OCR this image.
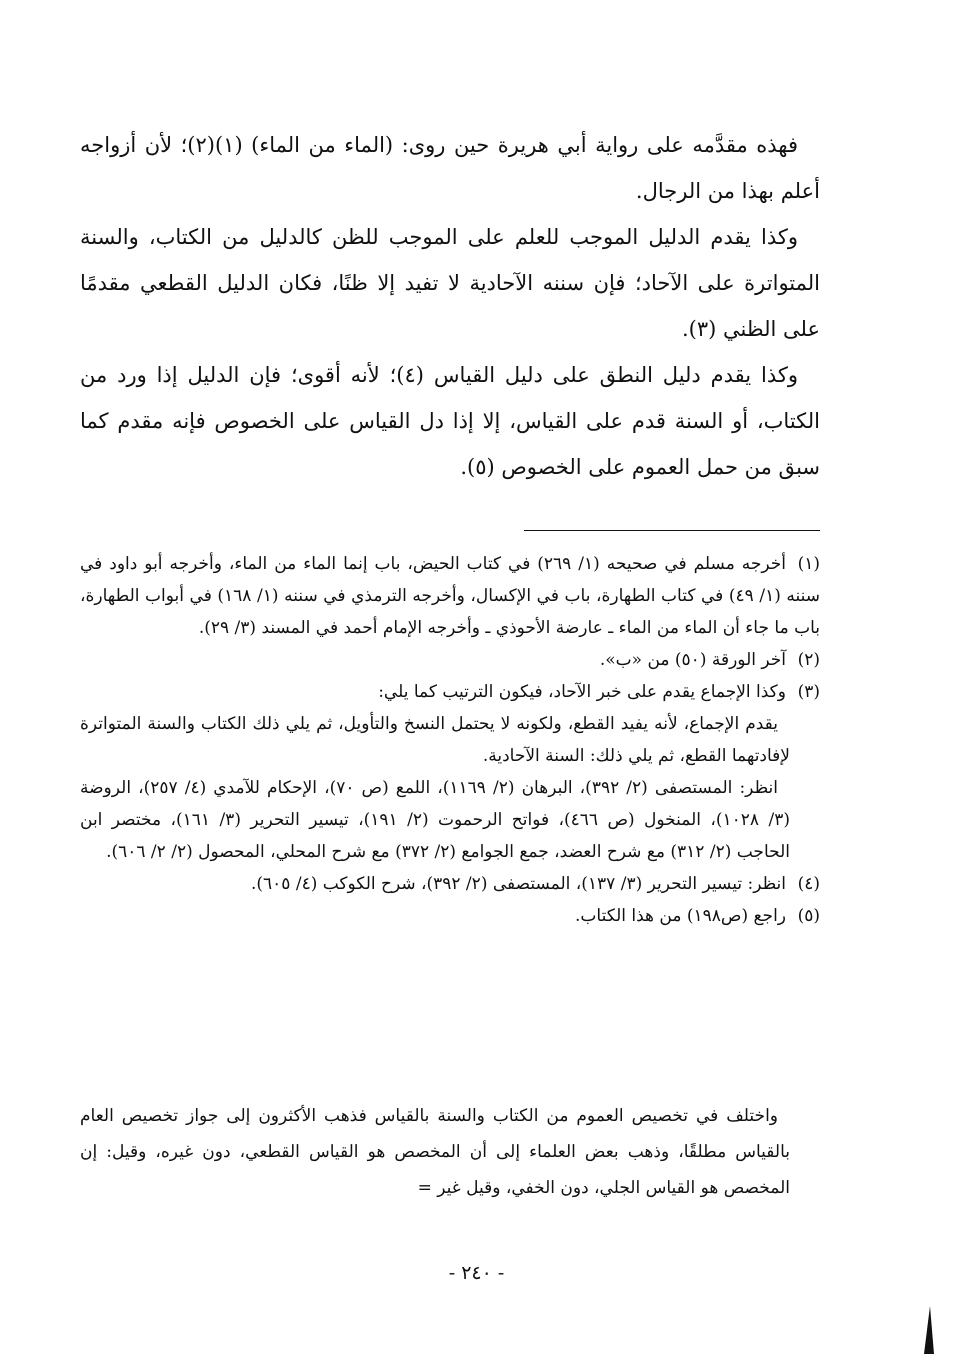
فهذه مقدَّمه على رواية أبي هريرة حين روى: (الماء من الماء) (١)(٢)؛ لأن أزواجه أعلم بهذا من الرجال.

وكذا يقدم الدليل الموجب للعلم على الموجب للظن كالدليل من الكتاب، والسنة المتواترة على الآحاد؛ فإن سننه الآحادية لا تفيد إلا ظنًا، فكان الدليل القطعي مقدمًا على الظني (٣).

وكذا يقدم دليل النطق على دليل القياس (٤)؛ لأنه أقوى؛ فإن الدليل إذا ورد من الكتاب، أو السنة قدم على القياس، إلا إذا دل القياس على الخصوص فإنه مقدم كما سبق من حمل العموم على الخصوص (٥).

(١)أخرجه مسلم في صحيحه (١/ ٢٦٩) في كتاب الحيض، باب إنما الماء من الماء، وأخرجه أبو داود في سننه (١/ ٤٩) في كتاب الطهارة، باب في الإكسال، وأخرجه الترمذي في سننه (١/ ١٦٨) في أبواب الطهارة، باب ما جاء أن الماء من الماء ـ عارضة الأحوذي ـ وأخرجه الإمام أحمد في المسند (٣/ ٢٩).

(٢)آخر الورقة (٥٠) من «ب».

(٣)وكذا الإجماع يقدم على خبر الآحاد، فيكون الترتيب كما يلي:

يقدم الإجماع، لأنه يفيد القطع، ولكونه لا يحتمل النسخ والتأويل، ثم يلي ذلك الكتاب والسنة المتواترة لإفادتهما القطع، ثم يلي ذلك: السنة الآحادية.

انظر: المستصفى (٢/ ٣٩٢)، البرهان (٢/ ١١٦٩)، اللمع (ص ٧٠)، الإحكام للآمدي (٤/ ٢٥٧)، الروضة (٣/ ١٠٢٨)، المنخول (ص ٤٦٦)، فواتح الرحموت (٢/ ١٩١)، تيسير التحرير (٣/ ١٦١)، مختصر ابن الحاجب (٢/ ٣١٢) مع شرح العضد، جمع الجوامع (٢/ ٣٧٢) مع شرح المحلي، المحصول (٢/ ٢/ ٦٠٦).

(٤)انظر: تيسير التحرير (٣/ ١٣٧)، المستصفى (٢/ ٣٩٢)، شرح الكوكب (٤/ ٦٠٥).

(٥)راجع (ص١٩٨) من هذا الكتاب.

واختلف في تخصيص العموم من الكتاب والسنة بالقياس فذهب الأكثرون إلى جواز تخصيص العام بالقياس مطلقًا، وذهب بعض العلماء إلى أن المخصص هو القياس القطعي، دون غيره، وقيل: إن المخصص هو القياس الجلي، دون الخفي، وقيل غير =

- ٢٤٠ -
